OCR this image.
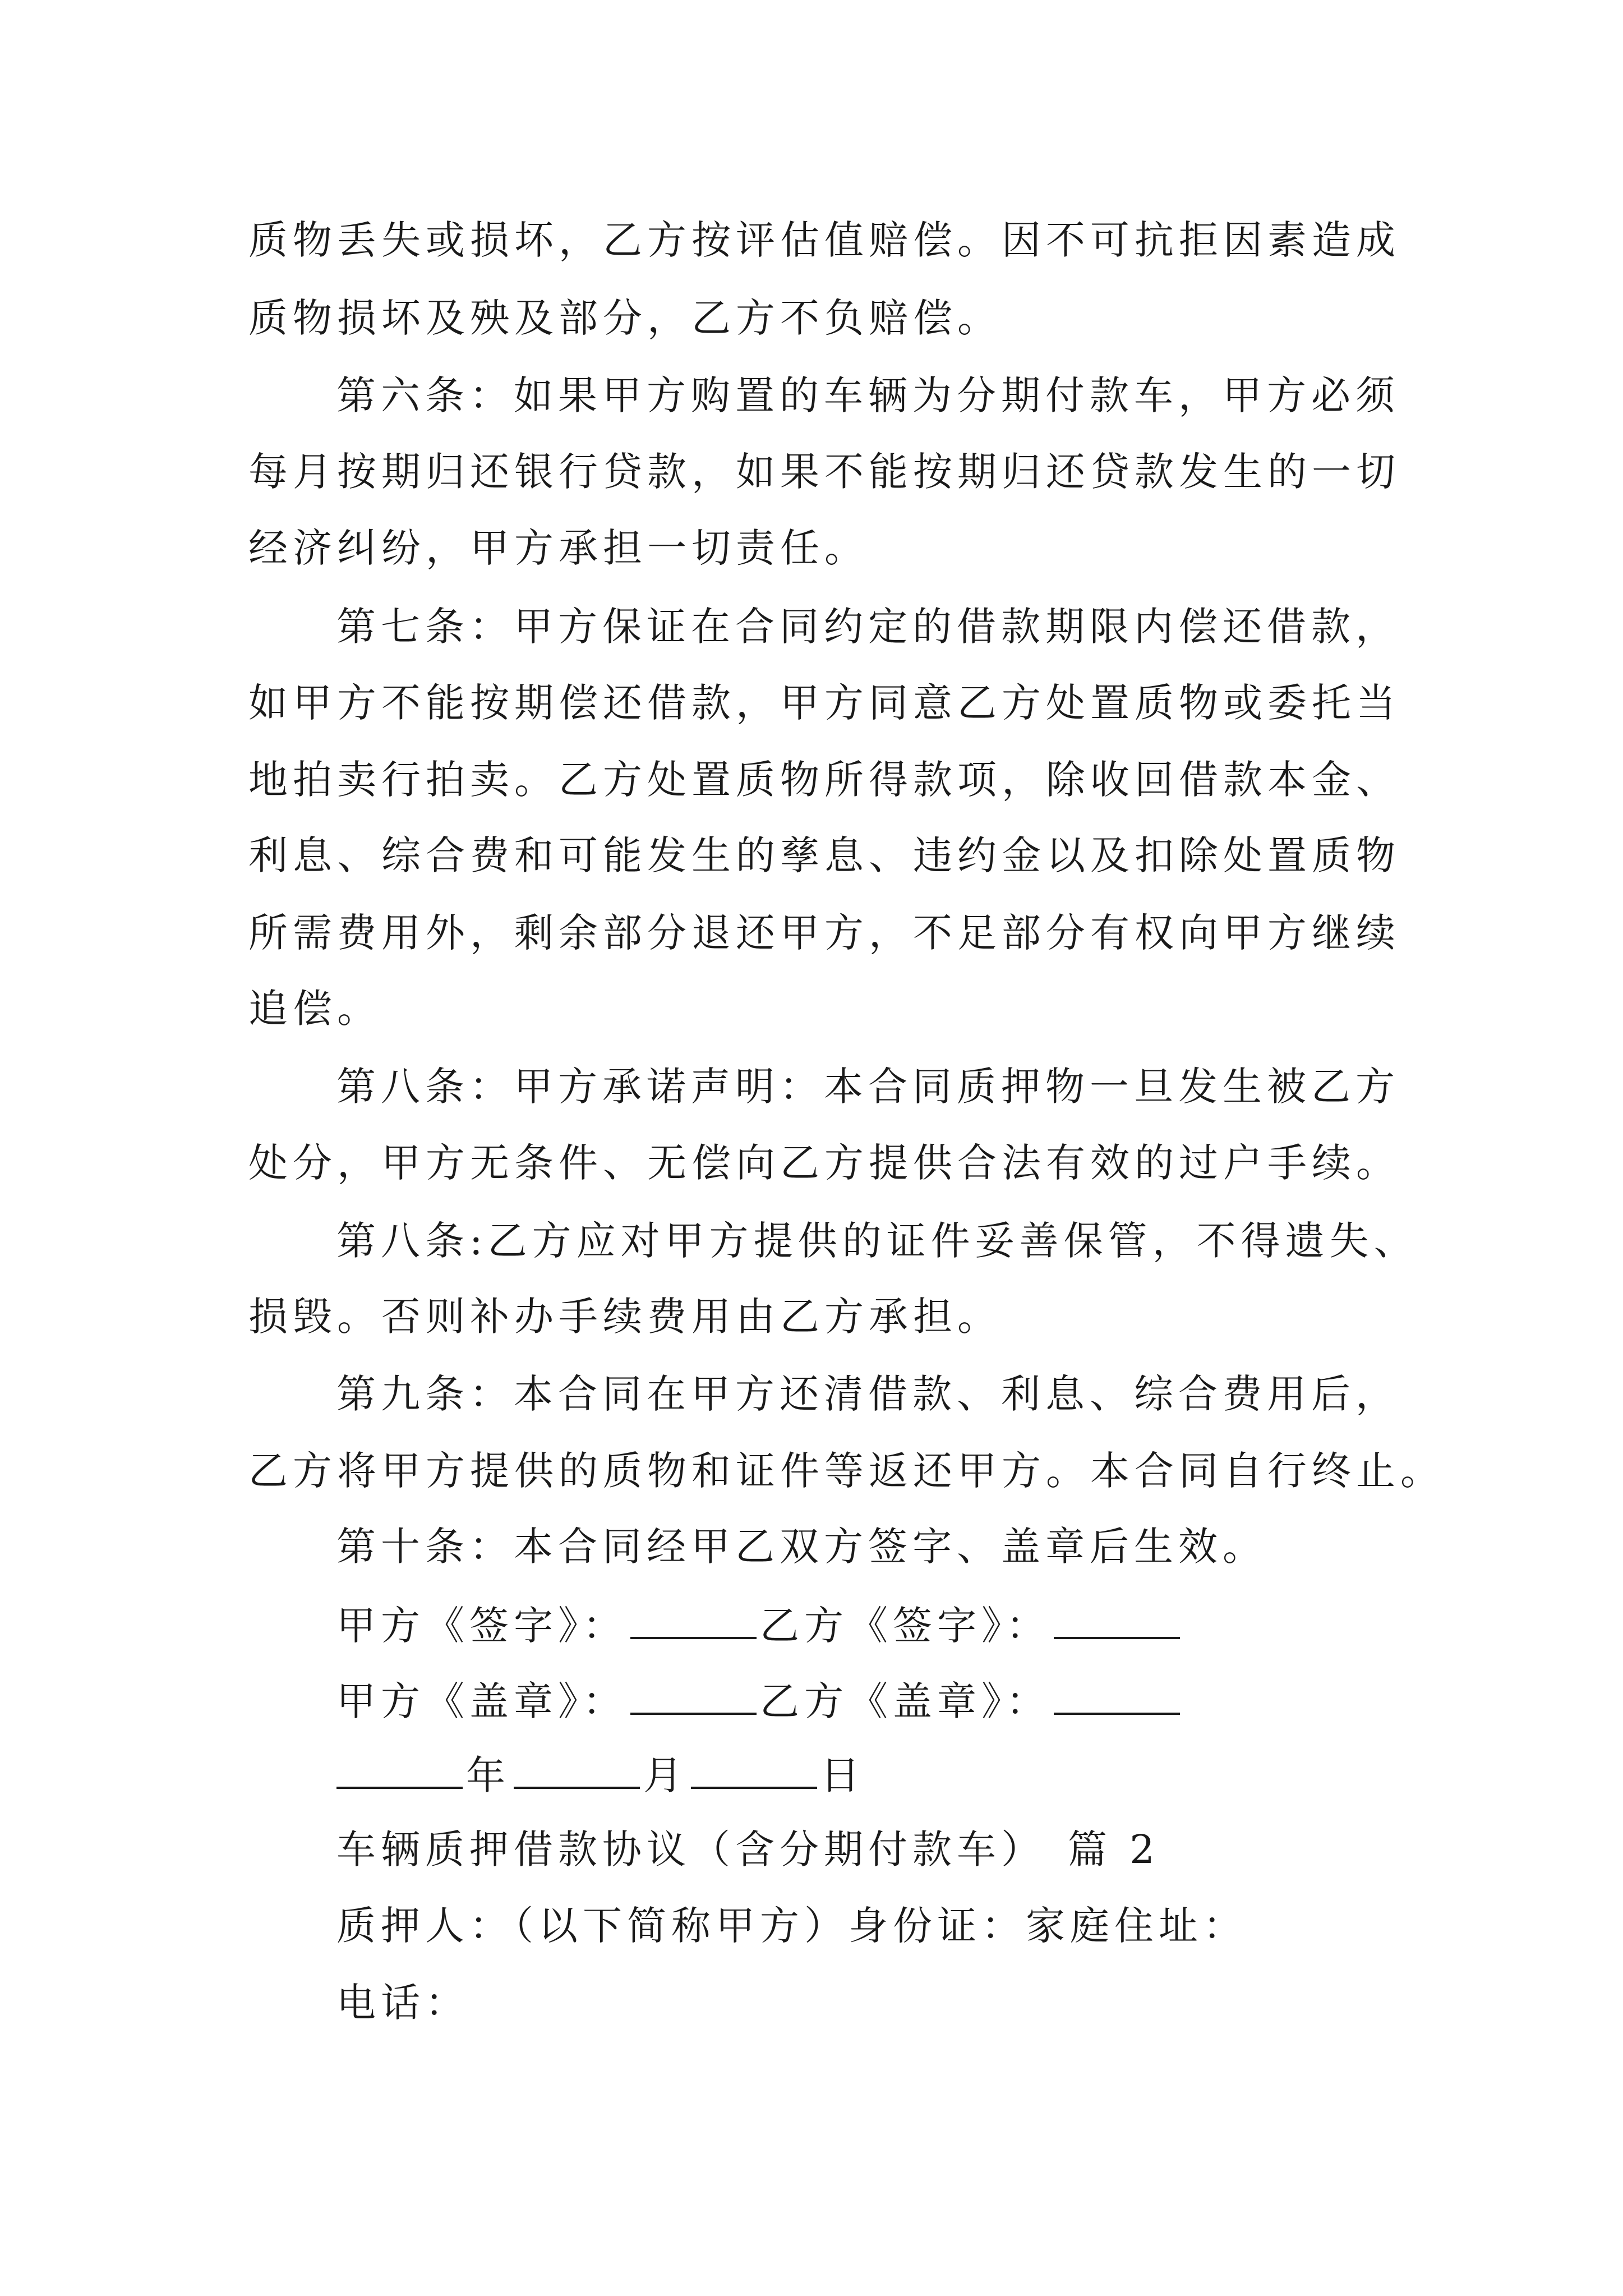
质物丢失或损坏，乙方按评估值赔偿。因不可抗拒因素造成
质物损坏及殃及部分，乙方不负赔偿。
第六条：如果甲方购置的车辆为分期付款车，甲方必须
每月按期归还银行贷款，如果不能按期归还贷款发生的一切
经济纠纷，甲方承担一切责任。
第七条：甲方保证在合同约定的借款期限内偿还借款，
如甲方不能按期偿还借款，甲方同意乙方处置质物或委托当
地拍卖行拍卖。乙方处置质物所得款项，除收回借款本金、
利息、综合费和可能发生的孳息、违约金以及扣除处置质物
所需费用外，剩余部分退还甲方，不足部分有权向甲方继续
追偿。
第八条：甲方承诺声明：本合同质押物一旦发生被乙方
处分，甲方无条件、无偿向乙方提供合法有效的过户手续。
第八条:乙方应对甲方提供的证件妥善保管，不得遗失、
损毁。否则补办手续费用由乙方承担。
第九条：本合同在甲方还清借款、利息、综合费用后，
乙方将甲方提供的质物和证件等返还甲方。本合同自行终止。
第十条：本合同经甲乙双方签字、盖章后生效。
甲方《签字》：	乙方《签字》：
甲方《盖章》：	乙方《盖章》：
年	月	日
车辆质押借款协议（含分期付款车） 篇 2
质押人：（以下简称甲方）身份证：家庭住址：
电话：
